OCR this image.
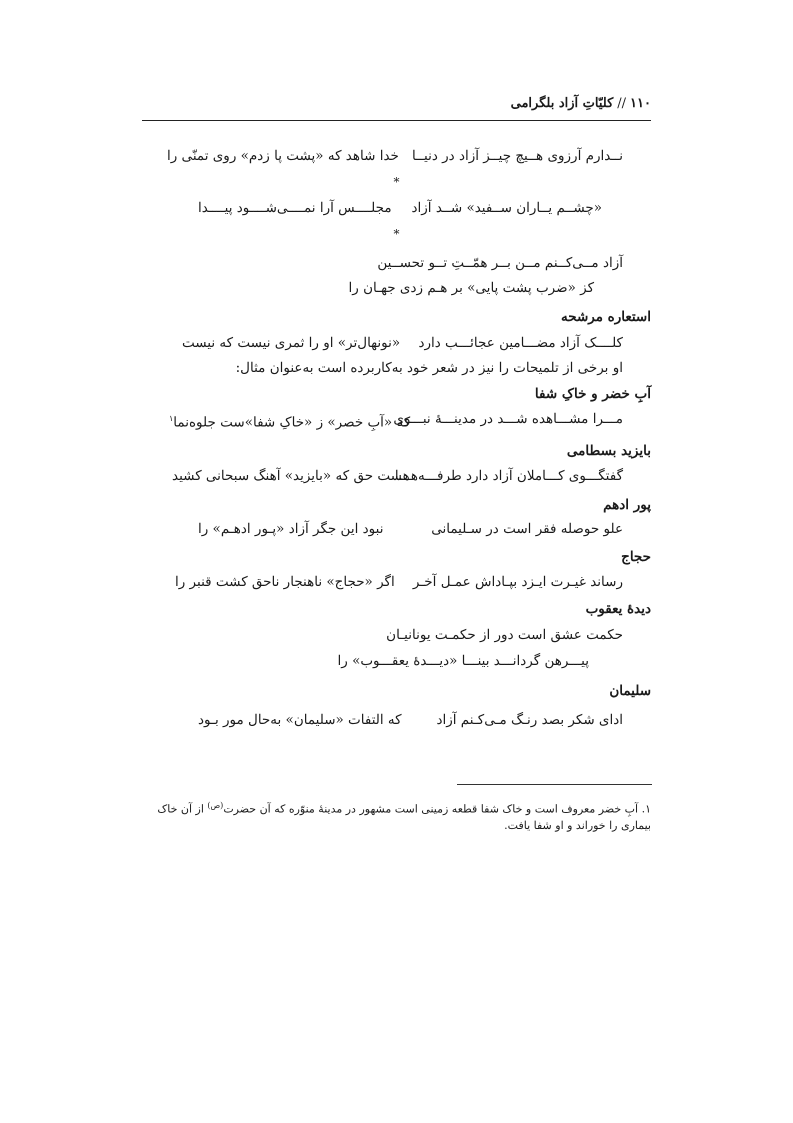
۱۱۰//کلیّاتِ آزاد بلگرامی
نــدارم آرزوی هــیچ چیــز آزاد در دنیــا
خدا شاهد که «پشت پا زدم» روی تمنّی را
*
«چشــم یــاران ســفید» شــد آزاد
مجلــــس آرا نمــــی‌شــــود پیــــدا
*
آزاد مــی‌کــنم مــن بــر همّــتِ تــو تحســین
کز «ضرب پشت پایی» بر هـم زدی جهـان را
استعاره مرشحه
کلــــک آزاد مضـــامین عجائـــب دارد
«نونهال‌تر» او را ثمری نیست که نیست
او برخی از تلمیحات را نیز در شعر خود به‌کاربرده است به‌عنوان مثال:
آبِ خضر و خاکِ شفا
مـــرا مشـــاهده شـــد در مدینـــۀ نبـــوی
که «آبِ خصر» ز «خاکِ شفا»ست جلوه‌نما$^۱$
بایزید بسطامی
گفتگـــوی کـــاملان آزاد دارد طرفـــه‌هـــا
هست حق که «بایزید» آهنگ سبحانی کشید
پور ادهم
علو حوصله فقر است در سـلیمانی
نبود این جگر آزاد «پـور ادهـم» را
حجاج
رساند غیـرت ایـزد بپـاداش عمـل آخـر
اگر «حجاج» ناهنجار ناحق کشت قنبر را
دیدۀ یعقوب
حکمت عشق است دور از حکمـت یونانیـان
پیـــرهن گردانـــد بینـــا «دیـــدۀ یعقـــوب» را
سلیمان
ادای شکر بصد رنـگ مـی‌کـنم آزاد
که التفات «سلیمان» به‌حال مور بـود
۱. آبِ خضر معروف است و خاک شفا قطعه زمینی است مشهور در مدینۀ منوّره که آن حضرت$^{(ص)}$ از آن خاک
بیماری را خوراند و او شفا یافت.
